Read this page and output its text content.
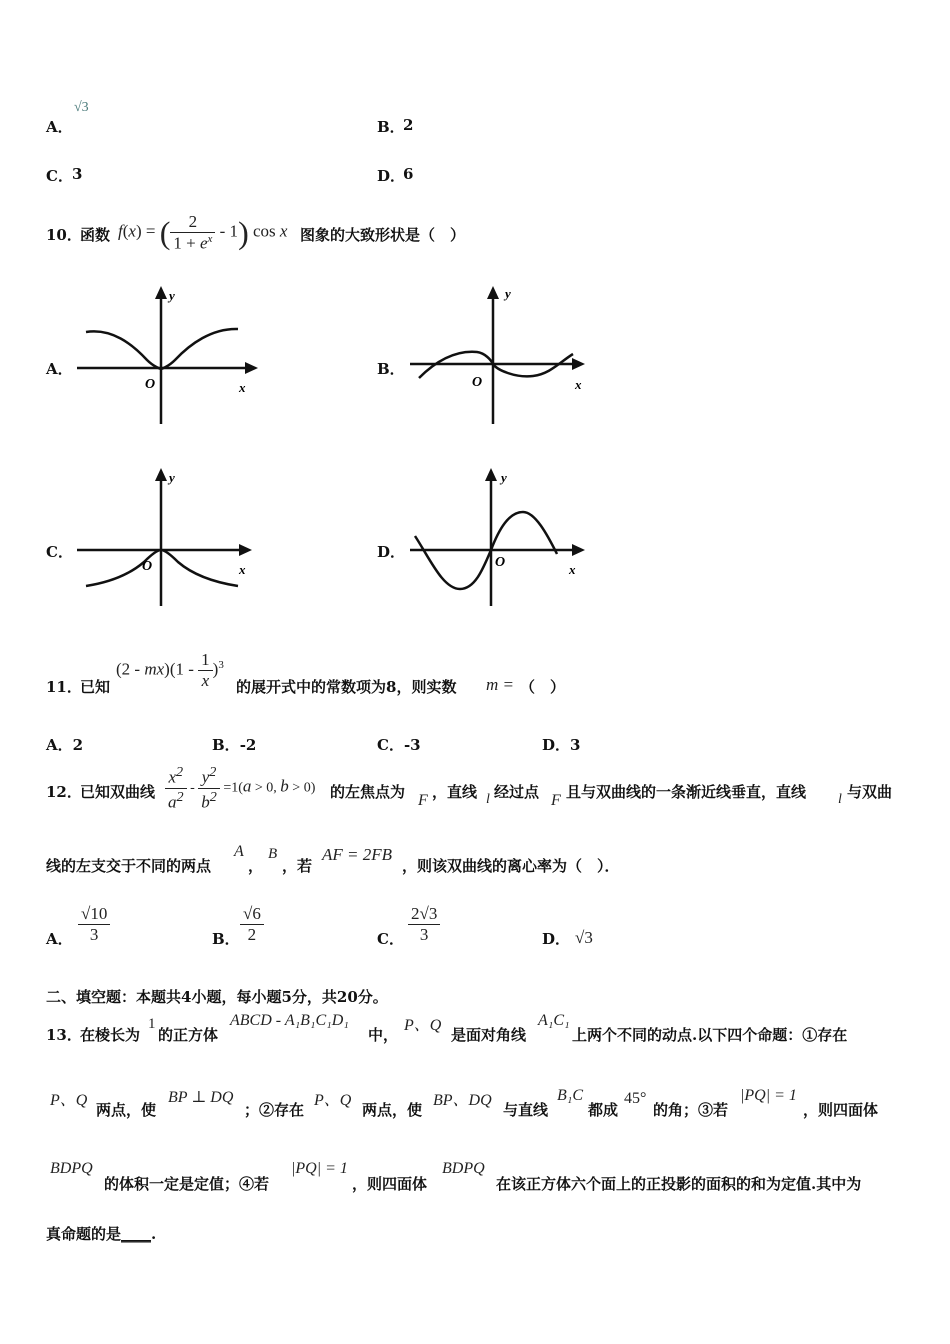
A．
√3
B．
2
C． 3	D．
6
10．
函数 f(x) = ( $\frac{2}{1 + e^x} - 1$) cos x 图象的大致形状是（　）
A．
y
O	x
B．
y
O	x
C．
y
O	x
D．
y
O	x
11．
已知
$(2 - mx)(1 - \frac{1}{x} )^3$
的展开式中的常数项为8，则实数 m = （　）
A．2	B．-2	C．-3	D．3
12．
已知双曲线 $\frac{x^2}{a^2} - \frac{y^2}{b^2} =1(a > 0$, b > 0) 的左焦点为 F ，直线 l 经过点 F 且与双曲线的一条渐近线垂直，直线 l 与双曲
线的左支交于不同的两点
A
，
B
，若
AF = 2FB
，则该双曲线的离心率为（　）．
A． $\frac{√10}{3}$	B． $\frac{√6}{2}$	C． $\frac{2√3}{3}$	D． √3
二、填空题：本题共4小题，每小题5分，共20分。
13．
在棱长为
1
的正方体
ABCD - A₁B₁C₁D₁
中，
P、Q
是面对角线
A₁C₁
上两个不同的动点.以下四个命题：①存在
P、Q
两点，使
BP ⊥ DQ
；②存在
P、Q
两点，使
BP、DQ
与直线
B₁C
都成
45°
的角；③若
|PQ| = 1
，则四面体
BDPQ
的体积一定是定值；④若
|PQ| = 1
，则四面体
BDPQ
在该正方体六个面上的正投影的面积的和为定值.其中为
真命题的是____.
